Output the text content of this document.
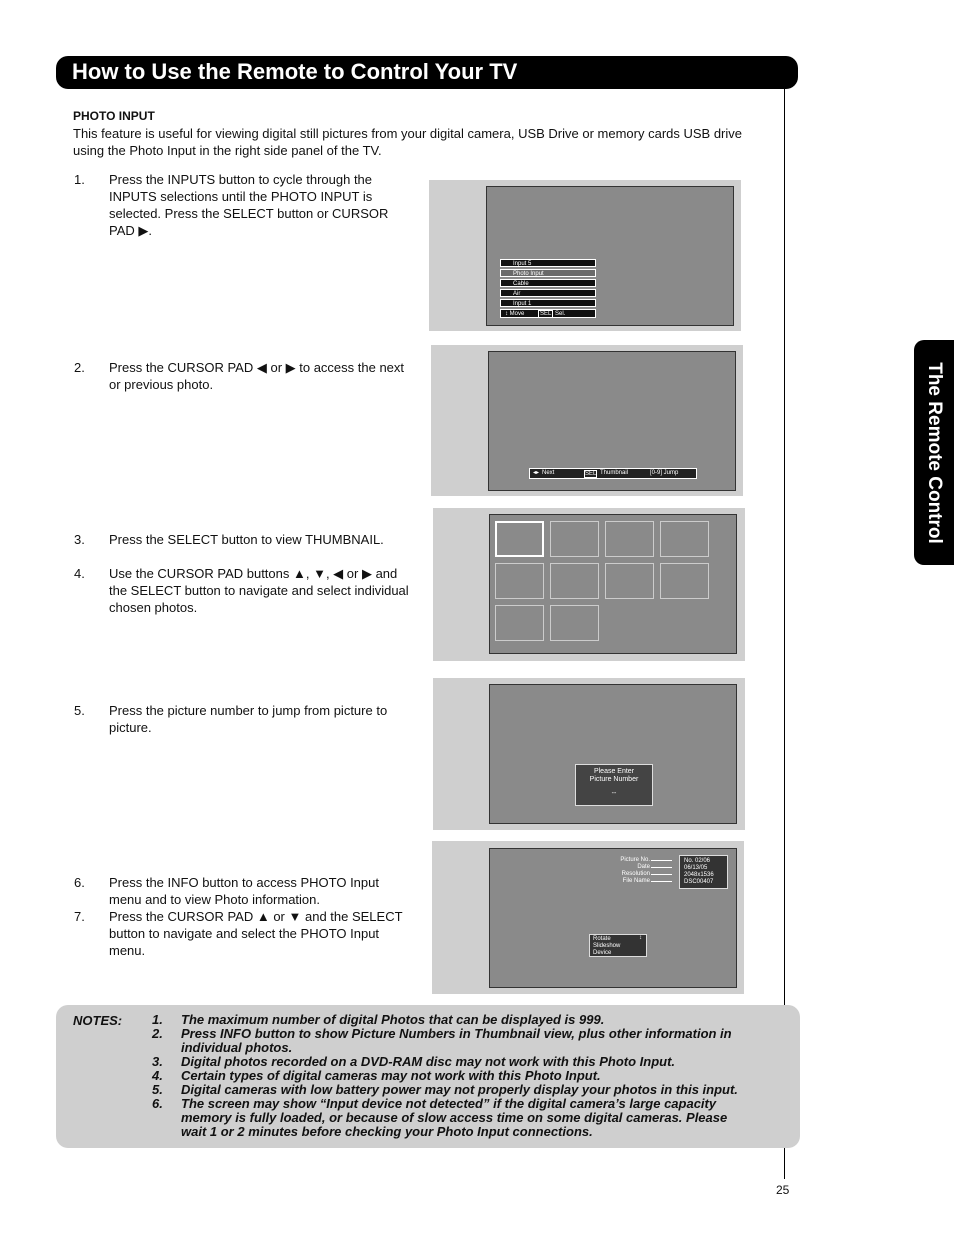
How to Use the Remote to Control Your TV
The Remote Control
PHOTO INPUT
This feature is useful for viewing digital still pictures from your digital camera, USB Drive or memory cards USB drive using the Photo Input in the right side panel of the TV.
1.	Press the INPUTS button to cycle through the INPUTS selections until the PHOTO INPUT is selected. Press the SELECT button or CURSOR PAD ▶.
2.	Press the CURSOR PAD ◀ or ▶ to access the next or previous photo.
3.	Press the SELECT button to view THUMBNAIL.
4.	Use the CURSOR PAD buttons ▲, ▼, ◀ or ▶ and the SELECT button to navigate and select individual chosen photos.
5.	Press the picture number to jump from picture to picture.
6.	Press the INFO button to access PHOTO Input menu and to view Photo information.
7.	Press the CURSOR PAD ▲ or ▼ and the SELECT button to navigate and select the PHOTO Input menu.
Input 5
Photo Input
Cable
Air
Input 1
↕ Move	SEL Sel.
◂▸ Next	SEL Thumbnail	[0-9] Jump
Please Enter
Picture Number
--
Picture No.
Date
Resolution
File Name
No. 02/06
06/13/05
2048x1536
DSC00407
Rotate
Slideshow
Device
↕
NOTES: 1. The maximum number of digital Photos that can be displayed is 999.
2. Press INFO button to show Picture Numbers in Thumbnail view, plus other information in individual photos.
3. Digital photos recorded on a DVD-RAM disc may not work with this Photo Input.
4. Certain types of digital cameras may not work with this Photo Input.
5. Digital cameras with low battery power may not properly display your photos in this input.
6. The screen may show “Input device not detected” if the digital camera’s large capacity memory is fully loaded, or because of slow access time on some digital cameras. Please wait 1 or 2 minutes before checking your Photo Input connections.
25
